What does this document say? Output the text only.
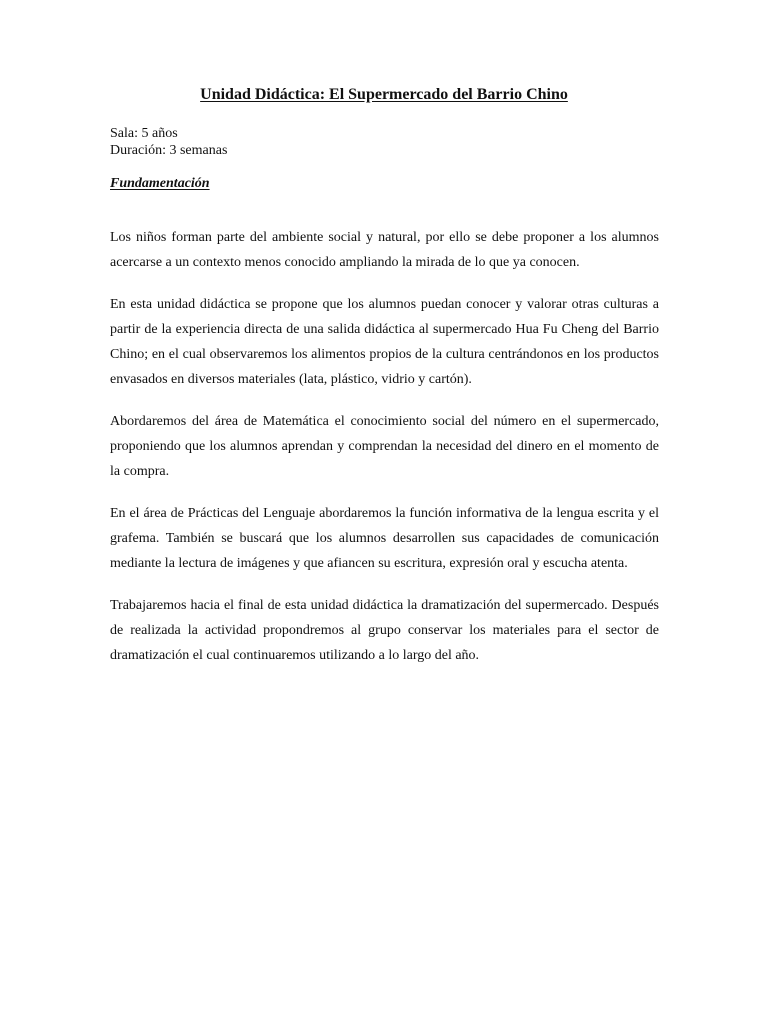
Unidad Didáctica: El Supermercado del Barrio Chino
Sala: 5 años
Duración: 3 semanas
Fundamentación

Los niños forman parte del ambiente social y natural, por ello se debe proponer a los alumnos acercarse a un contexto menos conocido ampliando la mirada de lo que ya conocen.

En esta unidad didáctica se propone que los alumnos puedan conocer y valorar otras culturas a partir de la experiencia directa de una salida didáctica al supermercado Hua Fu Cheng del Barrio Chino; en el cual observaremos los alimentos propios de la cultura centrándonos en los productos envasados en diversos materiales (lata, plástico, vidrio y cartón).

Abordaremos del área de Matemática el conocimiento social del número en el supermercado, proponiendo que los alumnos aprendan y comprendan la necesidad del dinero en el momento de la compra.

En el área de Prácticas del Lenguaje abordaremos la función informativa de la lengua escrita y el grafema. También se buscará que los alumnos desarrollen sus capacidades de comunicación mediante la lectura de imágenes y que afiancen su escritura, expresión oral y escucha atenta.

Trabajaremos hacia el final de esta unidad didáctica la dramatización del supermercado. Después de realizada la actividad propondremos al grupo conservar los materiales para el sector de dramatización el cual continuaremos utilizando a lo largo del año.
